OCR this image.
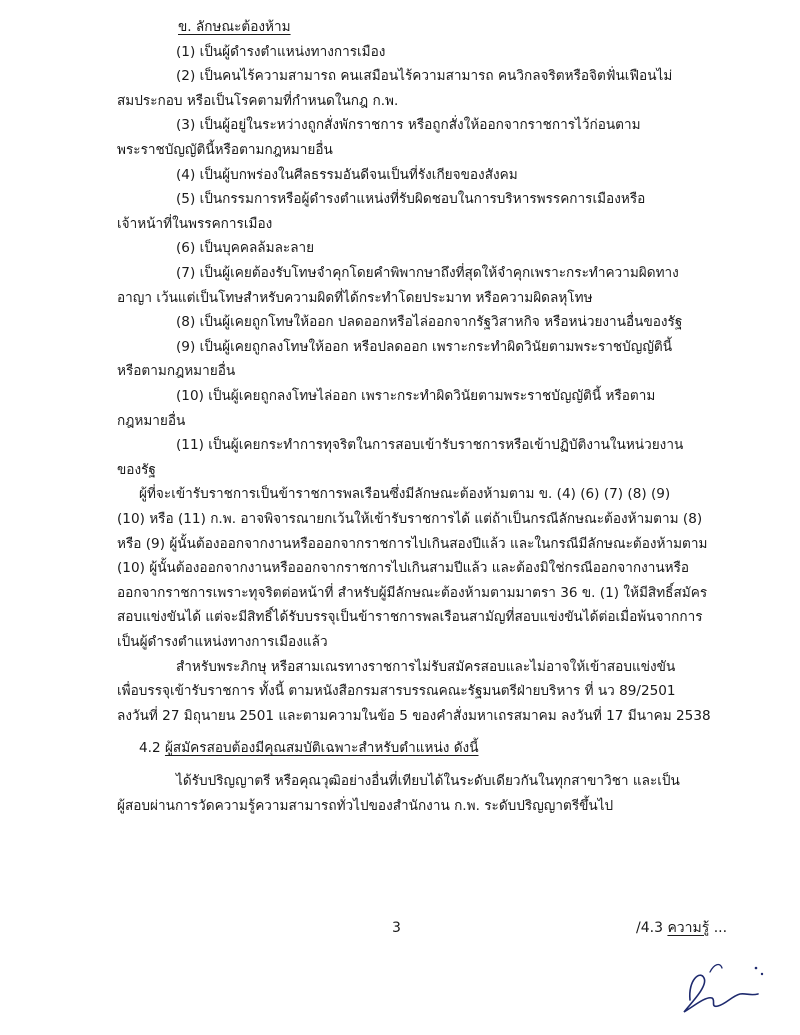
ข. ลักษณะต้องห้าม

(1) เป็นผู้ดำรงตำแหน่งทางการเมือง

(2) เป็นคนไร้ความสามารถ คนเสมือนไร้ความสามารถ คนวิกลจริตหรือจิตฟั่นเฟือนไม่

สมประกอบ หรือเป็นโรคตามที่กำหนดในกฎ ก.พ.

(3) เป็นผู้อยู่ในระหว่างถูกสั่งพักราชการ หรือถูกสั่งให้ออกจากราชการไว้ก่อนตาม

พระราชบัญญัตินี้หรือตามกฎหมายอื่น

(4) เป็นผู้บกพร่องในศีลธรรมอันดีจนเป็นที่รังเกียจของสังคม

(5) เป็นกรรมการหรือผู้ดำรงตำแหน่งที่รับผิดชอบในการบริหารพรรคการเมืองหรือ

เจ้าหน้าที่ในพรรคการเมือง

(6) เป็นบุคคลล้มละลาย

(7) เป็นผู้เคยต้องรับโทษจำคุกโดยคำพิพากษาถึงที่สุดให้จำคุกเพราะกระทำความผิดทาง

อาญา เว้นแต่เป็นโทษสำหรับความผิดที่ได้กระทำโดยประมาท หรือความผิดลหุโทษ

(8) เป็นผู้เคยถูกโทษให้ออก ปลดออกหรือไล่ออกจากรัฐวิสาหกิจ หรือหน่วยงานอื่นของรัฐ

(9) เป็นผู้เคยถูกลงโทษให้ออก หรือปลดออก เพราะกระทำผิดวินัยตามพระราชบัญญัตินี้

หรือตามกฎหมายอื่น

(10) เป็นผู้เคยถูกลงโทษไล่ออก เพราะกระทำผิดวินัยตามพระราชบัญญัตินี้ หรือตาม

กฎหมายอื่น

(11) เป็นผู้เคยกระทำการทุจริตในการสอบเข้ารับราชการหรือเข้าปฏิบัติงานในหน่วยงาน

ของรัฐ

ผู้ที่จะเข้ารับราชการเป็นข้าราชการพลเรือนซึ่งมีลักษณะต้องห้ามตาม ข. (4) (6) (7) (8) (9)

(10) หรือ (11) ก.พ. อาจพิจารณายกเว้นให้เข้ารับราชการได้ แต่ถ้าเป็นกรณีลักษณะต้องห้ามตาม (8)

หรือ (9) ผู้นั้นต้องออกจากงานหรือออกจากราชการไปเกินสองปีแล้ว และในกรณีมีลักษณะต้องห้ามตาม

(10) ผู้นั้นต้องออกจากงานหรือออกจากราชการไปเกินสามปีแล้ว และต้องมิใช่กรณีออกจากงานหรือ

ออกจากราชการเพราะทุจริตต่อหน้าที่ สำหรับผู้มีลักษณะต้องห้ามตามมาตรา 36 ข. (1) ให้มีสิทธิ์สมัคร

สอบแข่งขันได้ แต่จะมีสิทธิ์ได้รับบรรจุเป็นข้าราชการพลเรือนสามัญที่สอบแข่งขันได้ต่อเมื่อพ้นจากการ

เป็นผู้ดำรงตำแหน่งทางการเมืองแล้ว

สำหรับพระภิกษุ หรือสามเณรทางราชการไม่รับสมัครสอบและไม่อาจให้เข้าสอบแข่งขัน

เพื่อบรรจุเข้ารับราชการ ทั้งนี้ ตามหนังสือกรมสารบรรณคณะรัฐมนตรีฝ่ายบริหาร ที่ นว 89/2501

ลงวันที่ 27 มิถุนายน 2501 และตามความในข้อ 5 ของคำสั่งมหาเถรสมาคม ลงวันที่ 17 มีนาคม 2538

4.2 ผู้สมัครสอบต้องมีคุณสมบัติเฉพาะสำหรับตำแหน่ง ดังนี้

ได้รับปริญญาตรี หรือคุณวุฒิอย่างอื่นที่เทียบได้ในระดับเดียวกันในทุกสาขาวิชา และเป็น

ผู้สอบผ่านการวัดความรู้ความสามารถทั่วไปของสำนักงาน ก.พ. ระดับปริญญาตรีขึ้นไป

3	/4.3 ความรู้ ...
